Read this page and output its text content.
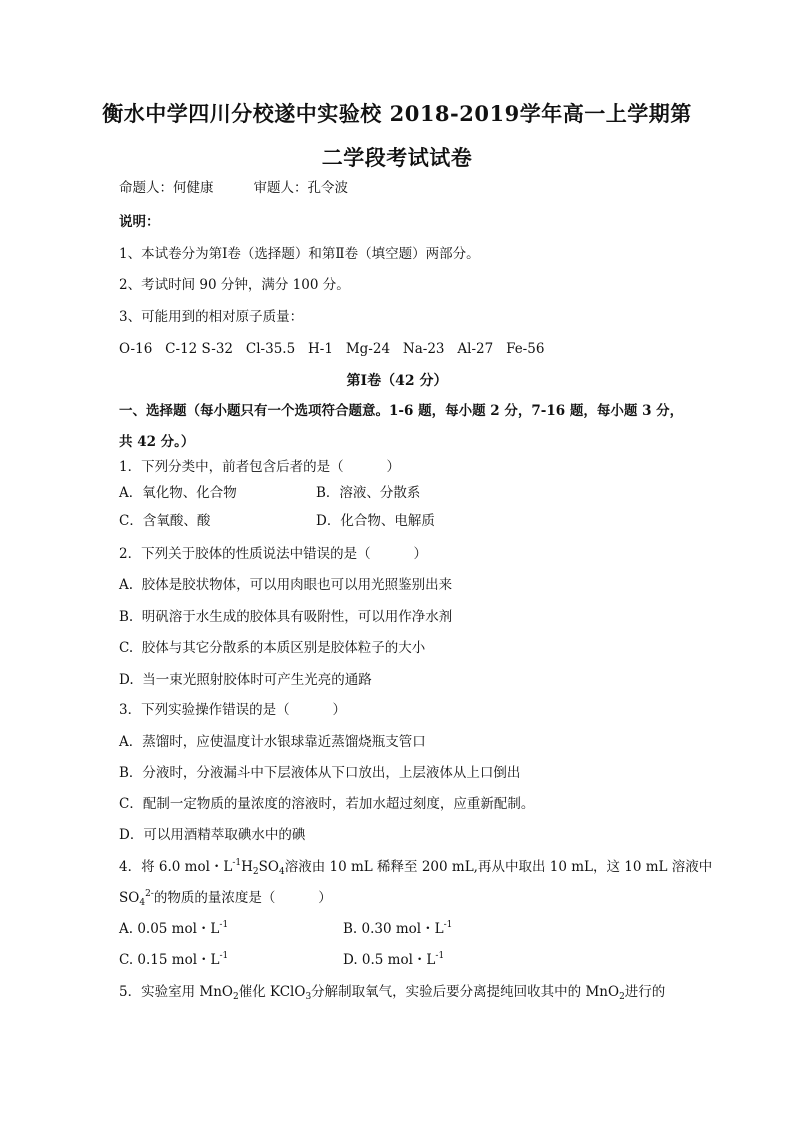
衡水中学四川分校遂中实验校 2018-2019学年高一上学期第
二学段考试试卷
命题人：何健康	审题人：孔令波
说明：
1、本试卷分为第Ⅰ卷（选择题）和第Ⅱ卷（填空题）两部分。
2、考试时间 90 分钟，满分 100 分。
3、可能用到的相对原子质量：
O-16   C-12 S-32   Cl-35.5   H-1   Mg-24   Na-23   Al-27   Fe-56
第Ⅰ卷（42 分）
一、选择题（每小题只有一个选项符合题意。1-6 题，每小题 2 分，7-16 题，每小题 3 分，
共 42 分。）
1．下列分类中，前者包含后者的是（          ）
A．氧化物、化合物	B．溶液、分散系
C．含氧酸、酸	D．化合物、电解质
2．下列关于胶体的性质说法中错误的是（          ）
A.  胶体是胶状物体，可以用肉眼也可以用光照鉴别出来
B.  明矾溶于水生成的胶体具有吸附性，可以用作净水剂
C.  胶体与其它分散系的本质区别是胶体粒子的大小
D.  当一束光照射胶体时可产生光亮的通路
3．下列实验操作错误的是（          ）
A．蒸馏时，应使温度计水银球靠近蒸馏烧瓶支管口
B．分液时，分液漏斗中下层液体从下口放出，上层液体从上口倒出
C．配制一定物质的量浓度的溶液时，若加水超过刻度，应重新配制。
D．可以用酒精萃取碘水中的碘
4．将 6.0 mol・$L^{-1}H_2SO_4$溶液由 10 mL 稀释至 200 mL,再从中取出 10 mL，这 10 mL 溶液中
$SO_4^{2-}$的物质的量浓度是（          ）
A. 0.05 mol・$L^{-1}$	B. 0.30 mol・$L^{-1}$
C. 0.15 mol・$L^{-1}$	D. 0.5 mol・$L^{-1}$
5．实验室用 MnO$_2$催化 KClO$_3$分解制取氧气，实验后要分离提纯回收其中的 MnO$_2$进行的
